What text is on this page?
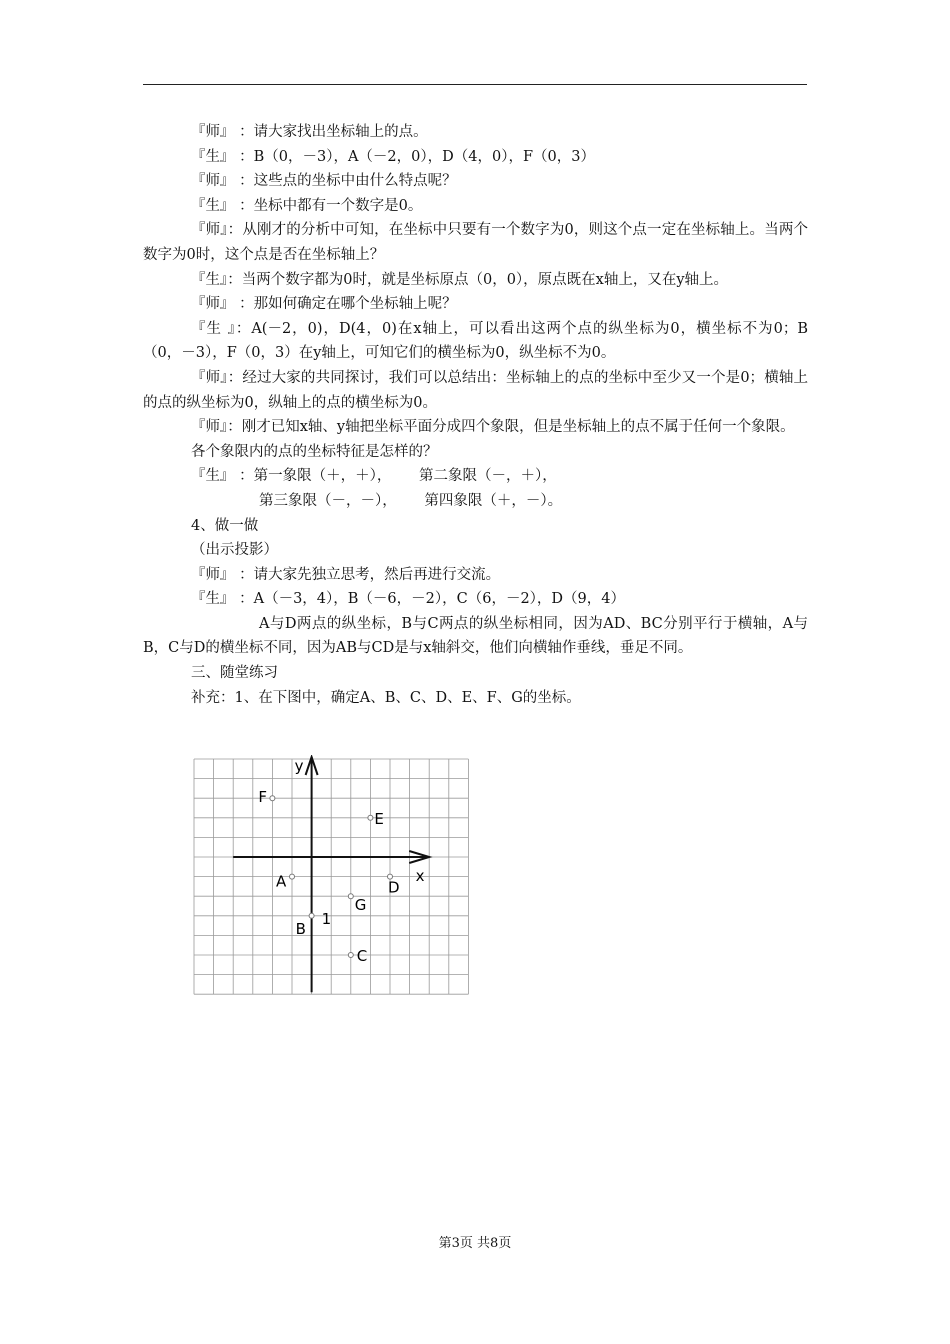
『师』 ：请大家找出坐标轴上的点。

『生』 ：B（0，－3），A（－2，0），D（4，0），F（0，3）

『师』 ：这些点的坐标中由什么特点呢？

『生』 ：坐标中都有一个数字是0。

『师』：从刚才的分析中可知，在坐标中只要有一个数字为0，则这个点一定在坐标轴上。当两个数字为0时，这个点是否在坐标轴上？

『生』：当两个数字都为0时，就是坐标原点（0，0），原点既在x轴上，又在y轴上。

『师』 ：那如何确定在哪个坐标轴上呢？

『生 』：A(－2，0)，D(4，0)在x轴上，可以看出这两个点的纵坐标为0，横坐标不为0；B（0，－3），F（0，3）在y轴上，可知它们的横坐标为0，纵坐标不为0。

『师』：经过大家的共同探讨，我们可以总结出：坐标轴上的点的坐标中至少又一个是0；横轴上的点的纵坐标为0，纵轴上的点的横坐标为0。

『师』：刚才已知x轴、y轴把坐标平面分成四个象限，但是坐标轴上的点不属于任何一个象限。

各个象限内的点的坐标特征是怎样的？

『生』 ：第一象限（＋，＋），      第二象限（－，＋），

第三象限（－，－），      第四象限（＋，－）。

4、做一做

（出示投影）

『师』 ：请大家先独立思考，然后再进行交流。

『生』 ：A（－3，4），B（－6，－2），C（6，－2），D（9，4）

A与D两点的纵坐标，B与C两点的纵坐标相同，因为AD、BC分别平行于横轴，A与B，C与D的横坐标不同，因为AB与CD是与x轴斜交，他们向横轴作垂线，垂足不同。

三、随堂练习

补充：1、在下图中，确定A、B、C、D、E、F、G的坐标。

x
y
1
F
E
A	D
G
B
C
第3页 共8页
